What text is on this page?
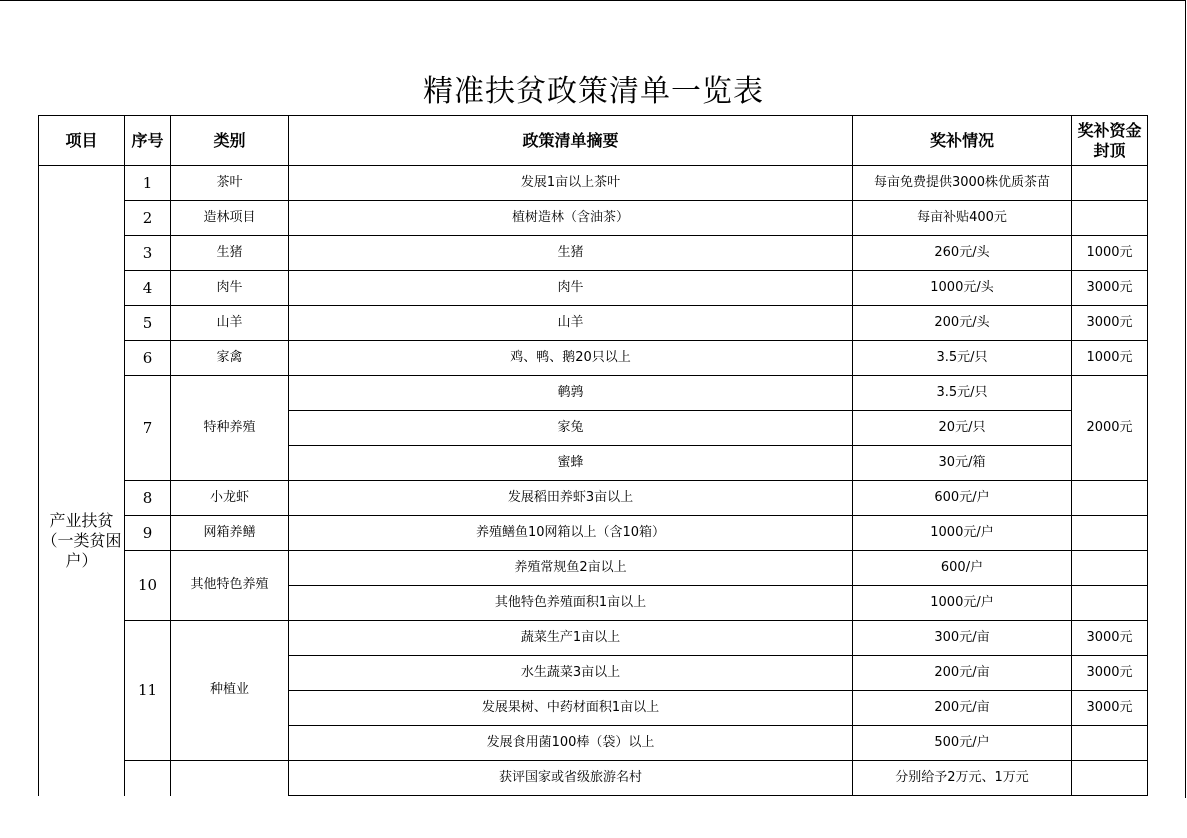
精准扶贫政策清单一览表
项目	序号	类别	政策清单摘要	奖补情况	奖补资金封顶
产业扶贫（一类贫困户）	1	茶叶	发展1亩以上茶叶	每亩免费提供3000株优质茶苗	
	2	造林项目	植树造林（含油茶）	每亩补贴400元	
	3	生猪	生猪	260元/头	1000元
	4	肉牛	肉牛	1000元/头	3000元
	5	山羊	山羊	200元/头	3000元
	6	家禽	鸡、鸭、鹅20只以上	3.5元/只	1000元
	7	特种养殖	鹌鹑	3.5元/只	2000元
			家兔	20元/只	
			蜜蜂	30元/箱	
	8	小龙虾	发展稻田养虾3亩以上	600元/户	
	9	网箱养鳝	养殖鳝鱼10网箱以上（含10箱）	1000元/户	
	10	其他特色养殖	养殖常规鱼2亩以上	600/户	
			其他特色养殖面积1亩以上	1000元/户	
	11	种植业	蔬菜生产1亩以上	300元/亩	3000元
			水生蔬菜3亩以上	200元/亩	3000元
			发展果树、中药材面积1亩以上	200元/亩	3000元
			发展食用菌100棒（袋）以上	500元/户	
			获评国家或省级旅游名村	分别给予2万元、1万元	
